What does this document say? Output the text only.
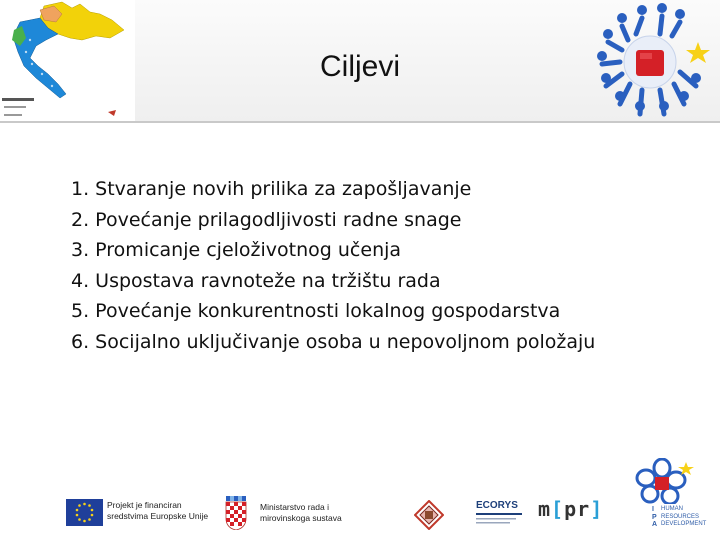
Ciljevi
1. Stvaranje novih prilika za zapošljavanje
2. Povećanje prilagodljivosti radne snage
3. Promicanje cjeloživotnog učenja
4. Uspostava ravnoteže na tržištu rada
5. Povećanje konkurentnosti lokalnog gospodarstva
6. Socijalno uključivanje osoba u nepovoljnom položaju
Projekt je financiran
sredstvima Europske Unije
Ministarstvo rada i
mirovinskoga sustava
ECORYS m[pr]	I
P
A
HUMAN
RESOURCES
DEVELOPMENT
